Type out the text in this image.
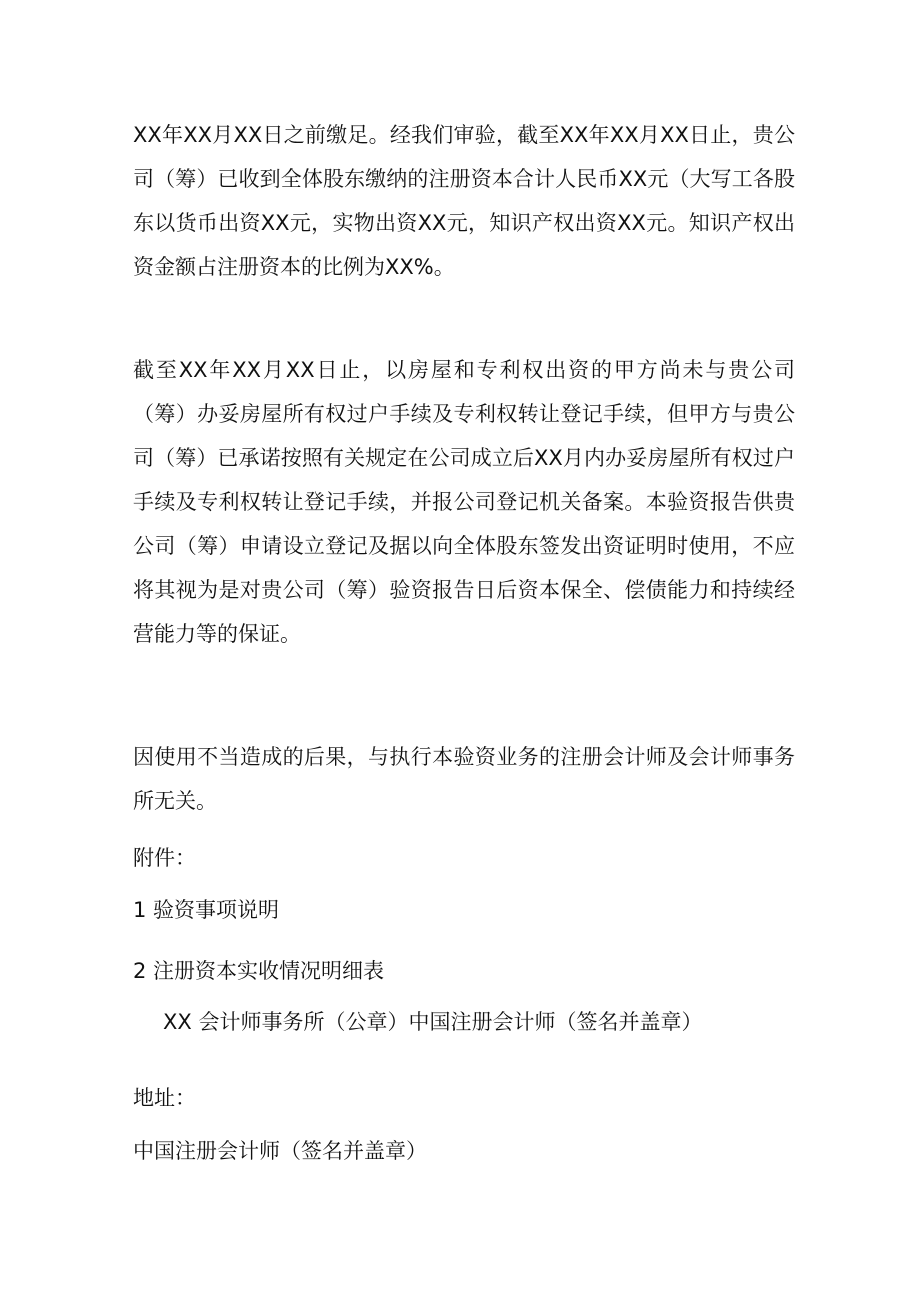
XX年XX月XX日之前缴足。经我们审验，截至XX年XX月XX日止，贵公司（筹）已收到全体股东缴纳的注册资本合计人民币XX元（大写工各股东以货币出资XX元，实物出资XX元，知识产权出资XX元。知识产权出资金额占注册资本的比例为XX%。

截至XX年XX月XX日止，以房屋和专利权出资的甲方尚未与贵公司（筹）办妥房屋所有权过户手续及专利权转让登记手续，但甲方与贵公司（筹）已承诺按照有关规定在公司成立后XX月内办妥房屋所有权过户手续及专利权转让登记手续，并报公司登记机关备案。本验资报告供贵公司（筹）申请设立登记及据以向全体股东签发出资证明时使用，不应将其视为是对贵公司（筹）验资报告日后资本保全、偿债能力和持续经营能力等的保证。

因使用不当造成的后果，与执行本验资业务的注册会计师及会计师事务所无关。

附件：

1 验资事项说明

2 注册资本实收情况明细表

XX 会计师事务所（公章）中国注册会计师（签名并盖章）

地址：

中国注册会计师（签名并盖章）
